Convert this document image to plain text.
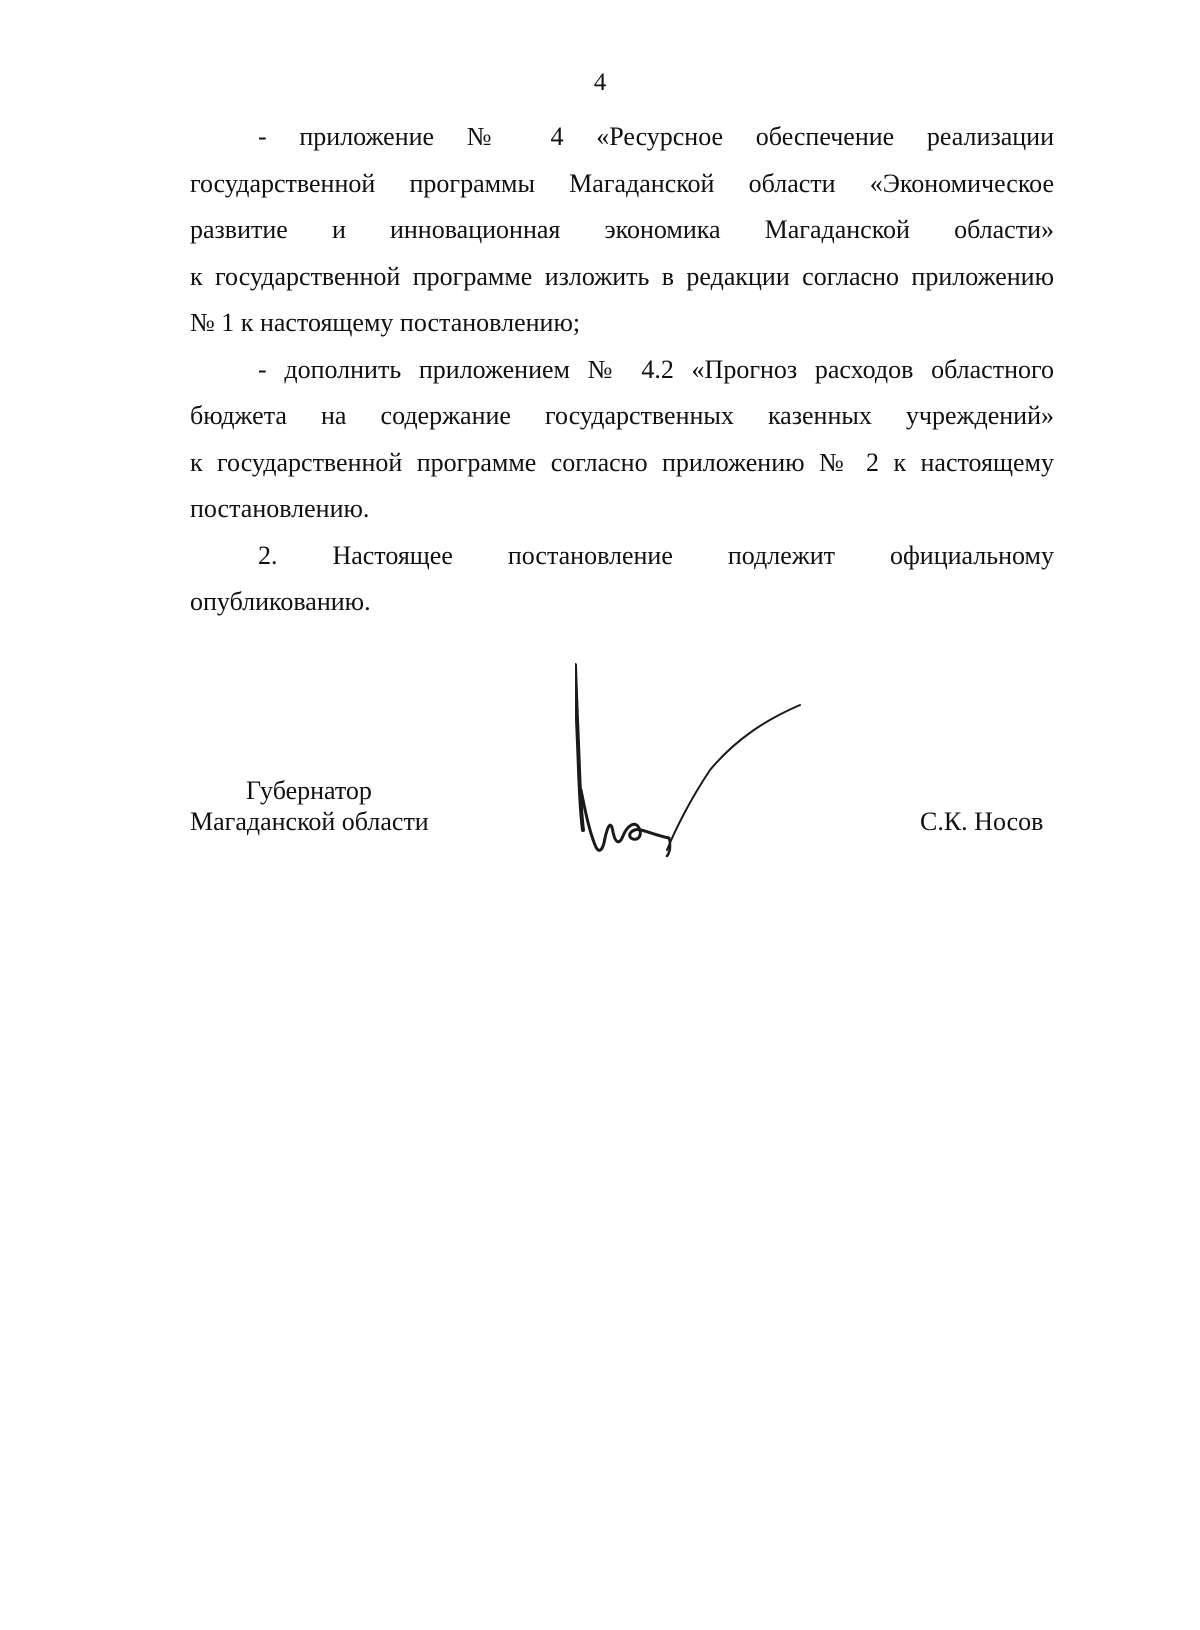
4
- приложение № 4 «Ресурсное обеспечение реализации
государственной программы Магаданской области «Экономическое
развитие и инновационная экономика Магаданской области»
к государственной программе изложить в редакции согласно приложению
№ 1 к настоящему постановлению;
- дополнить приложением № 4.2 «Прогноз расходов областного
бюджета на содержание государственных казенных учреждений»
к государственной программе согласно приложению № 2 к настоящему
постановлению.
2. Настоящее постановление подлежит официальному
опубликованию.
Губернатор
Магаданской области	С.К. Носов
